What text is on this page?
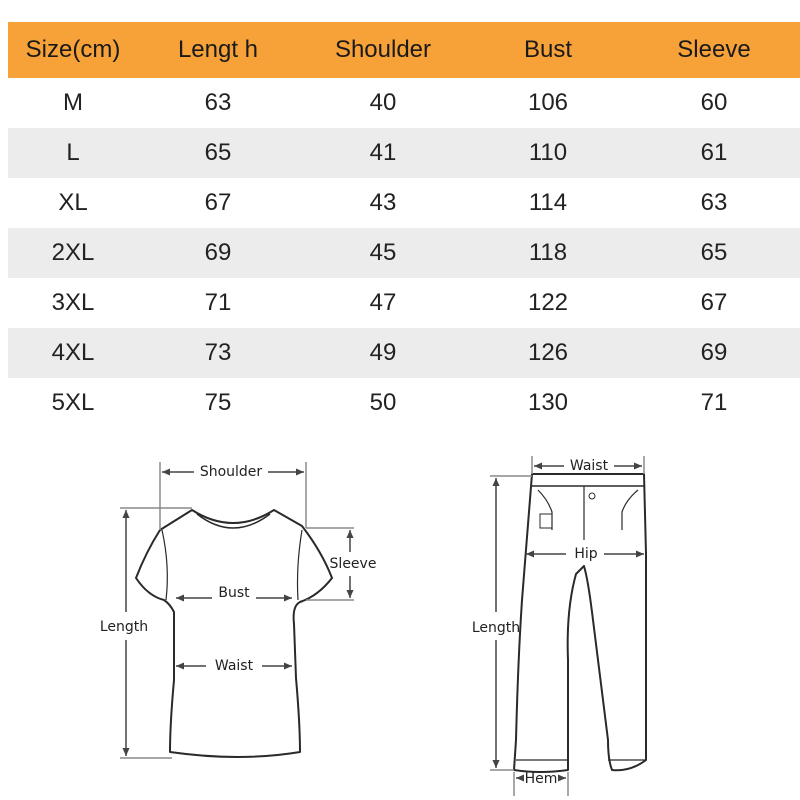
Size(cm)	Lengt h	Shoulder	Bust	Sleeve
M	63	40	106	60
L	65	41	110	61
XL	67	43	114	63
2XL	69	45	118	65
3XL	71	47	122	67
4XL	73	49	126	69
5XL	75	50	130	71
Shoulder
Sleeve
Bust
Waist
Length
Waist
Hip
Length
Hem
